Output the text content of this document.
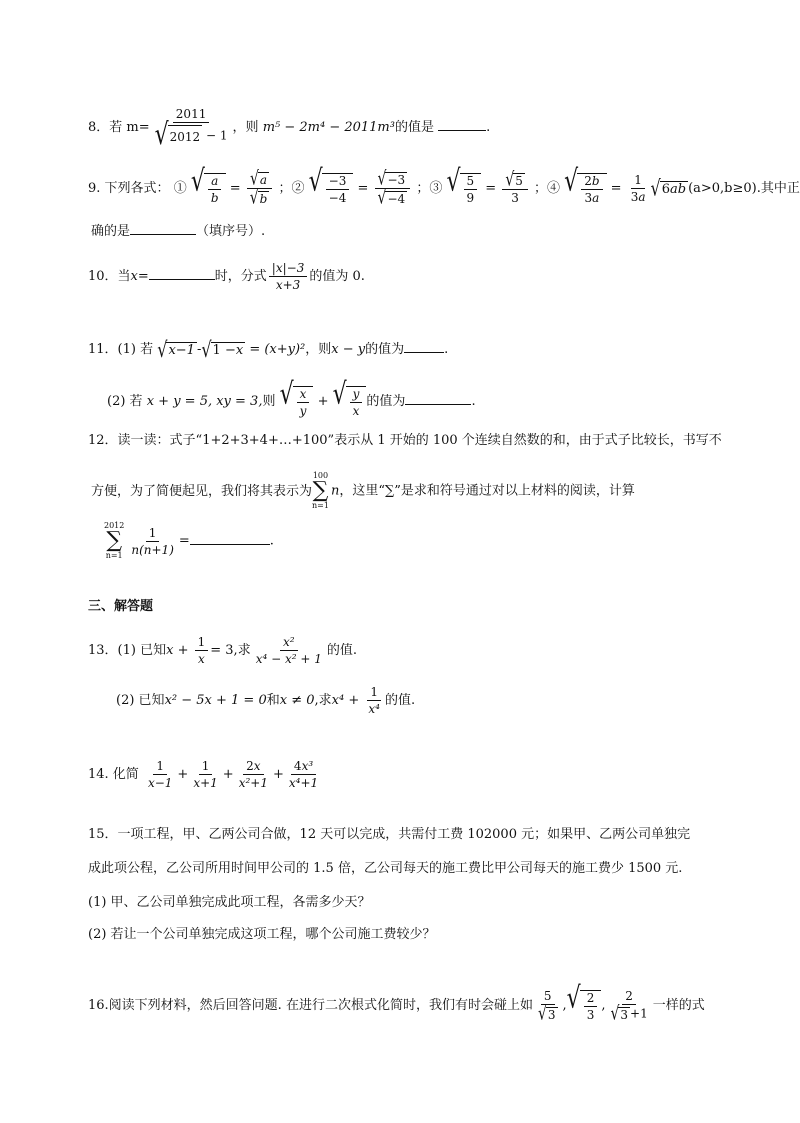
8．若 $m= \frac{2011}{√ 2012 - 1}$ ，则 m⁵ − 2m⁴ − 2011m³的值是	.
9. 下列各式： ① √ $\frac{a}{b} = \frac{√ a}{√ b}$ ；② √ $\frac{-3}{-4} = \frac{√ -3}{√ -4}$ ；③ √ $\frac{5}{9} = \frac{√ 5}{3}$ ；④ √ $\frac{2b}{3a} = \frac{1}{3a}$ √ 6 ab (a>0,b≥0).其中正
确的是	（填序号）.
10．当x=	时，分式 $\frac{|x|-3}{x+3}$ 的值为 0.
11．(1) 若 √ x−1 - √ 1 − x = (x+y)²，则x − y的值为	.
(2) 若 x + y = 5, xy = 3,则 √ $\frac{x}{y}$ + √ $\frac{y}{x}$ 的值为	.
12．读一读：式子“1+2+3+4+…+100”表示从 1 开始的 100 个连续自然数的和，由于式子比较长，书写不
方便，为了简便起见，我们将其表示为
100
∑
n=1
n，这里“∑”是求和符号通过对以上材料的阅读，计算
2012
∑
$n=1 \frac{1}{n(n+1)}$ =	.
三、解答题
13．(1) 已知$x + \frac{1}{x} = 3$,求 $\frac{\text{x²}}{\text{x⁴ − x² + 1}}$ 的值.
(2) 已知x² − 5x + 1 = 0和x ≠ 0,求$x^4 + \frac{1}{\text{x⁴}}$ 的值.
14. 化简 $\frac{1}{x-1} + \frac{1}{x+1} + \frac{2x}{\text{x²+1}} + \frac{\text{4x³}}{\text{x⁴+1}}$
15．一项工程，甲、乙两公司合做，12 天可以完成，共需付工费 102000 元；如果甲、乙两公司单独完
成此项公程，乙公司所用时间甲公司的 1.5 倍，乙公司每天的施工费比甲公司每天的施工费少 1500 元.
(1) 甲、乙公司单独完成此项工程，各需多少天？
(2) 若让一个公司单独完成这项工程，哪个公司施工费较少？
16.阅读下列材料，然后回答问题. 在进行二次根式化简时，我们有时会碰上如 $\frac{5}{√ 3}$ , √ $\frac{2}{3}$ , $\frac{2}{√ 3 +1}$ 一样的式
